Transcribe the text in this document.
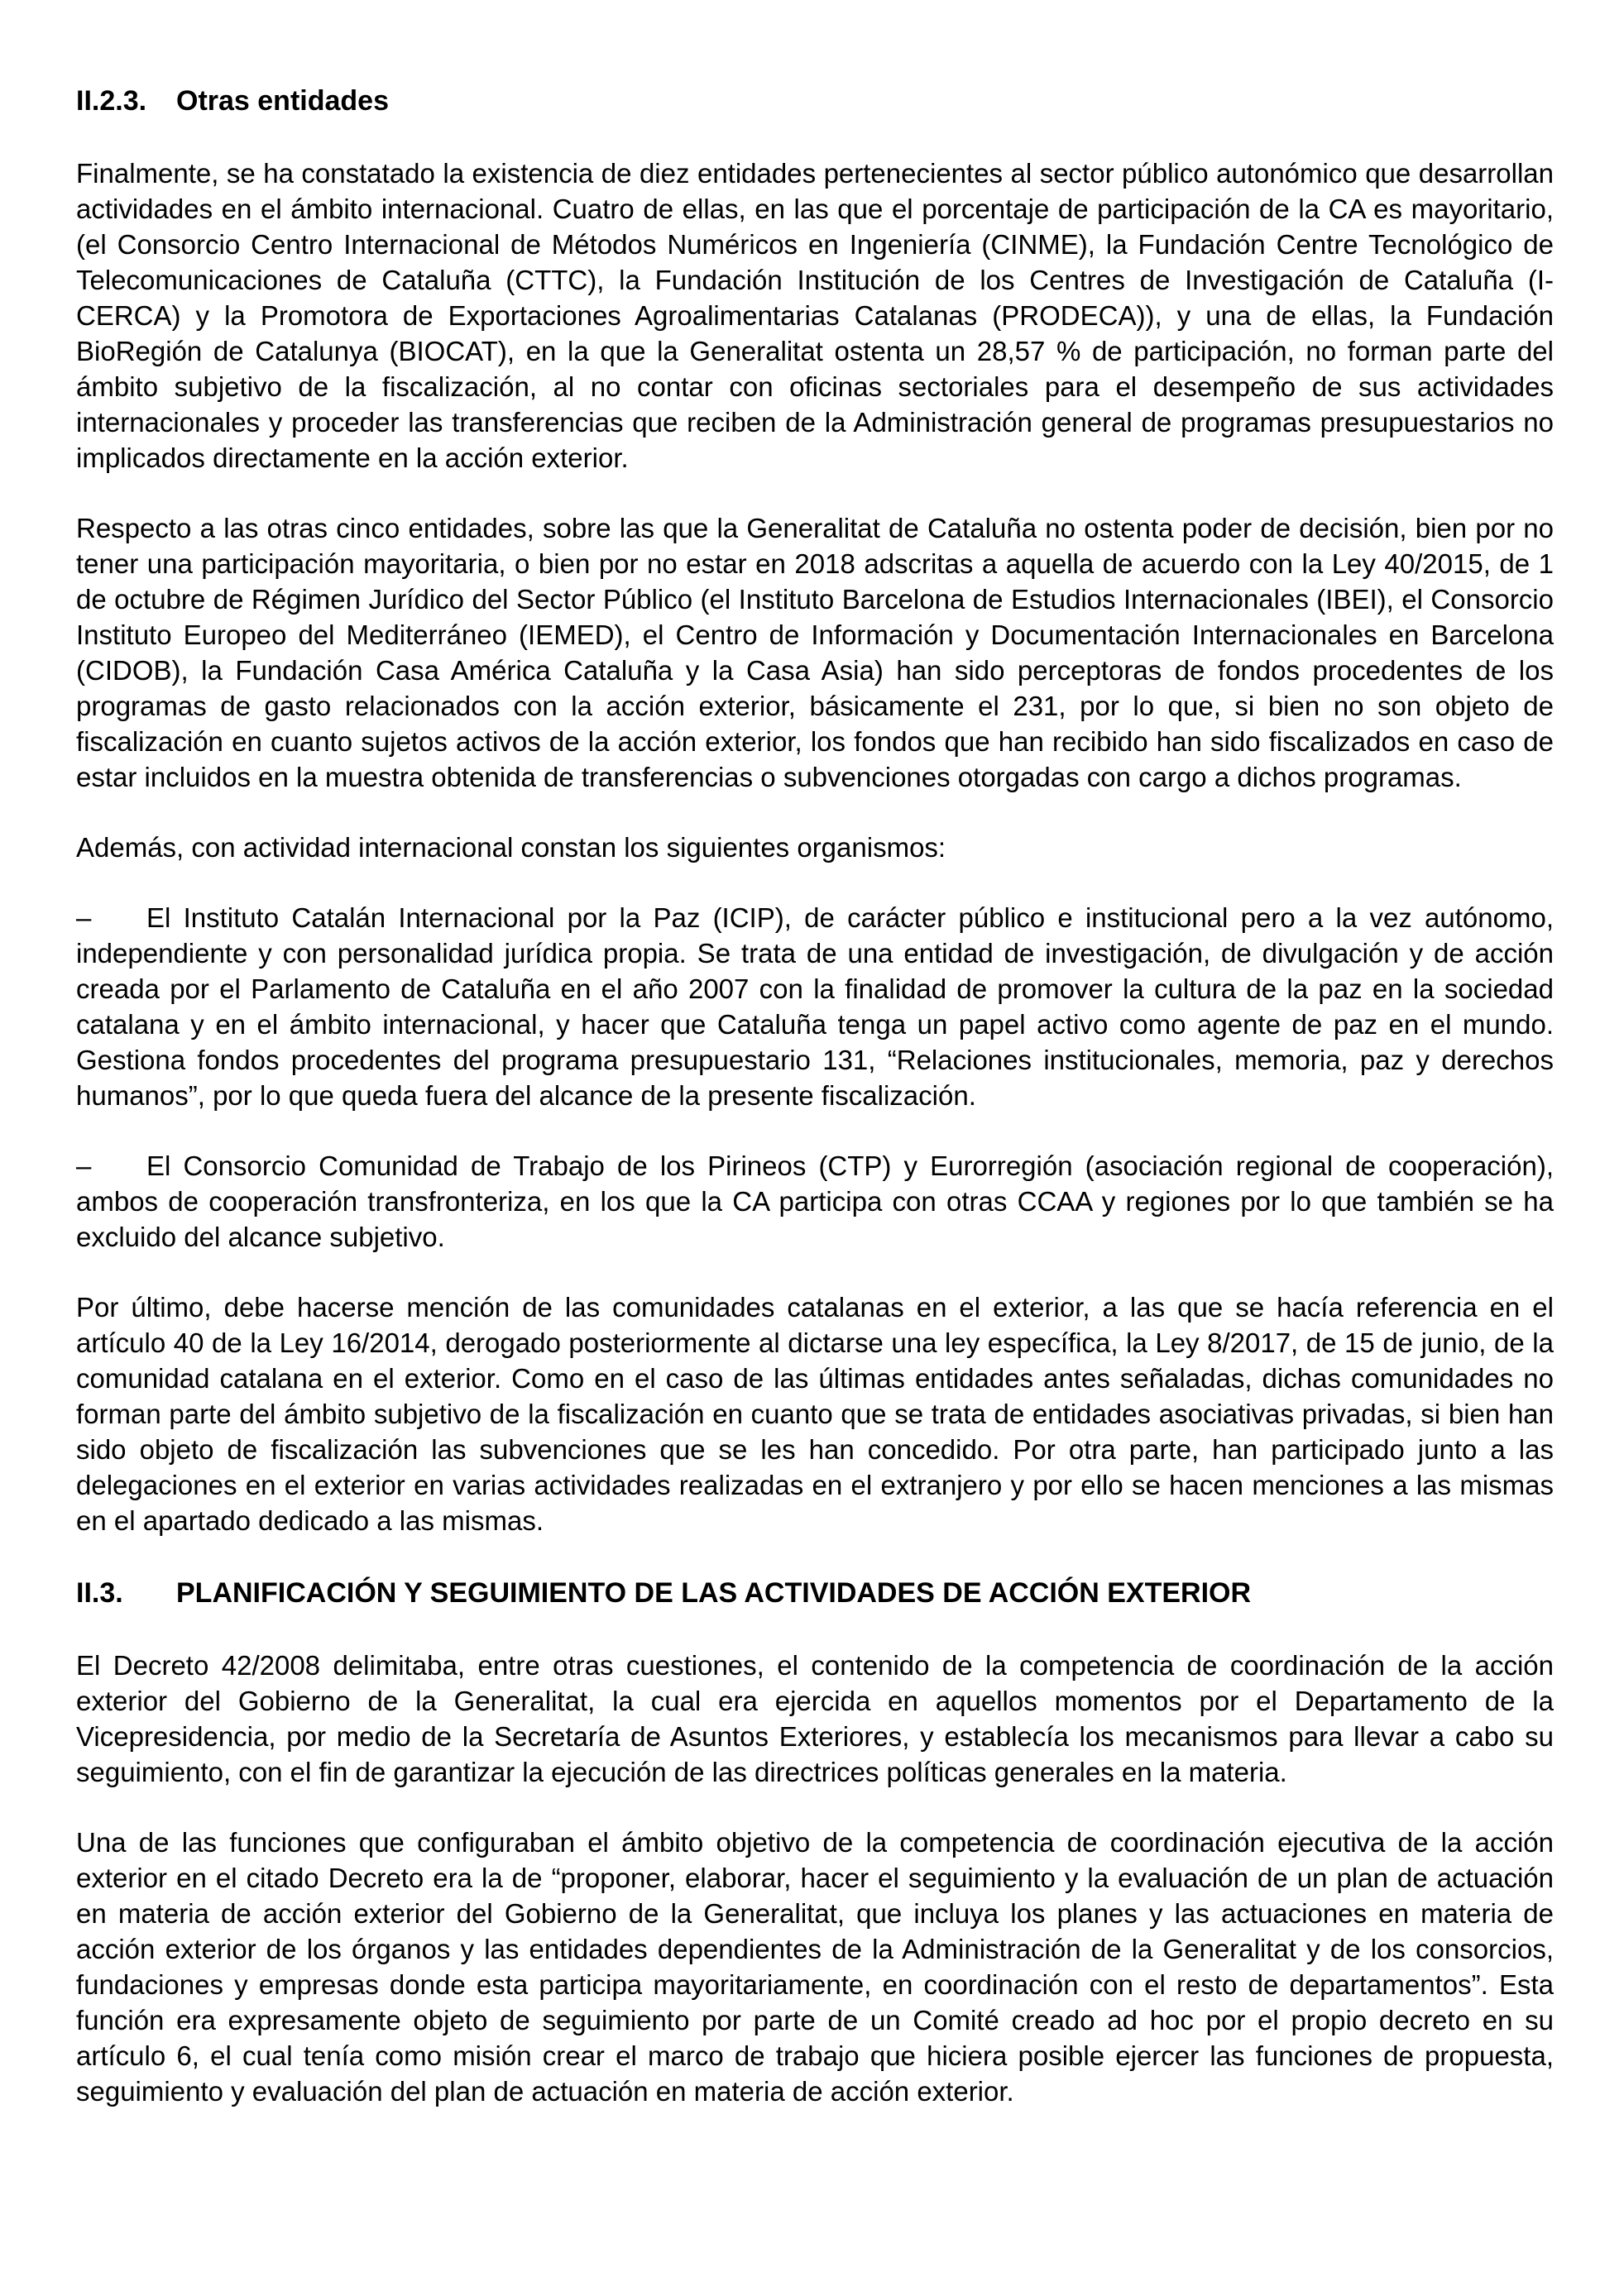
II.2.3. Otras entidades

Finalmente, se ha constatado la existencia de diez entidades pertenecientes al sector público autonómico que desarrollan actividades en el ámbito internacional. Cuatro de ellas, en las que el porcentaje de participación de la CA es mayoritario, (el Consorcio Centro Internacional de Métodos Numéricos en Ingeniería (CINME), la Fundación Centre Tecnológico de Telecomunicaciones de Cataluña (CTTC), la Fundación Institución de los Centres de Investigación de Cataluña (I-CERCA) y la Promotora de Exportaciones Agroalimentarias Catalanas (PRODECA)), y una de ellas, la Fundación BioRegión de Catalunya (BIOCAT), en la que la Generalitat ostenta un 28,57 % de participación, no forman parte del ámbito subjetivo de la fiscalización, al no contar con oficinas sectoriales para el desempeño de sus actividades internacionales y proceder las transferencias que reciben de la Administración general de programas presupuestarios no implicados directamente en la acción exterior.

Respecto a las otras cinco entidades, sobre las que la Generalitat de Cataluña no ostenta poder de decisión, bien por no tener una participación mayoritaria, o bien por no estar en 2018 adscritas a aquella de acuerdo con la Ley 40/2015, de 1 de octubre de Régimen Jurídico del Sector Público (el Instituto Barcelona de Estudios Internacionales (IBEI), el Consorcio Instituto Europeo del Mediterráneo (IEMED), el Centro de Información y Documentación Internacionales en Barcelona (CIDOB), la Fundación Casa América Cataluña y la Casa Asia) han sido perceptoras de fondos procedentes de los programas de gasto relacionados con la acción exterior, básicamente el 231, por lo que, si bien no son objeto de fiscalización en cuanto sujetos activos de la acción exterior, los fondos que han recibido han sido fiscalizados en caso de estar incluidos en la muestra obtenida de transferencias o subvenciones otorgadas con cargo a dichos programas.

Además, con actividad internacional constan los siguientes organismos:

– El Instituto Catalán Internacional por la Paz (ICIP), de carácter público e institucional pero a la vez autónomo, independiente y con personalidad jurídica propia. Se trata de una entidad de investigación, de divulgación y de acción creada por el Parlamento de Cataluña en el año 2007 con la finalidad de promover la cultura de la paz en la sociedad catalana y en el ámbito internacional, y hacer que Cataluña tenga un papel activo como agente de paz en el mundo. Gestiona fondos procedentes del programa presupuestario 131, “Relaciones institucionales, memoria, paz y derechos humanos”, por lo que queda fuera del alcance de la presente fiscalización.

– El Consorcio Comunidad de Trabajo de los Pirineos (CTP) y Eurorregión (asociación regional de cooperación), ambos de cooperación transfronteriza, en los que la CA participa con otras CCAA y regiones por lo que también se ha excluido del alcance subjetivo.

Por último, debe hacerse mención de las comunidades catalanas en el exterior, a las que se hacía referencia en el artículo 40 de la Ley 16/2014, derogado posteriormente al dictarse una ley específica, la Ley 8/2017, de 15 de junio, de la comunidad catalana en el exterior. Como en el caso de las últimas entidades antes señaladas, dichas comunidades no forman parte del ámbito subjetivo de la fiscalización en cuanto que se trata de entidades asociativas privadas, si bien han sido objeto de fiscalización las subvenciones que se les han concedido. Por otra parte, han participado junto a las delegaciones en el exterior en varias actividades realizadas en el extranjero y por ello se hacen menciones a las mismas en el apartado dedicado a las mismas.

II.3. PLANIFICACIÓN Y SEGUIMIENTO DE LAS ACTIVIDADES DE ACCIÓN EXTERIOR

El Decreto 42/2008 delimitaba, entre otras cuestiones, el contenido de la competencia de coordinación de la acción exterior del Gobierno de la Generalitat, la cual era ejercida en aquellos momentos por el Departamento de la Vicepresidencia, por medio de la Secretaría de Asuntos Exteriores, y establecía los mecanismos para llevar a cabo su seguimiento, con el fin de garantizar la ejecución de las directrices políticas generales en la materia.

Una de las funciones que configuraban el ámbito objetivo de la competencia de coordinación ejecutiva de la acción exterior en el citado Decreto era la de “proponer, elaborar, hacer el seguimiento y la evaluación de un plan de actuación en materia de acción exterior del Gobierno de la Generalitat, que incluya los planes y las actuaciones en materia de acción exterior de los órganos y las entidades dependientes de la Administración de la Generalitat y de los consorcios, fundaciones y empresas donde esta participa mayoritariamente, en coordinación con el resto de departamentos”. Esta función era expresamente objeto de seguimiento por parte de un Comité creado ad hoc por el propio decreto en su artículo 6, el cual tenía como misión crear el marco de trabajo que hiciera posible ejercer las funciones de propuesta, seguimiento y evaluación del plan de actuación en materia de acción exterior.
